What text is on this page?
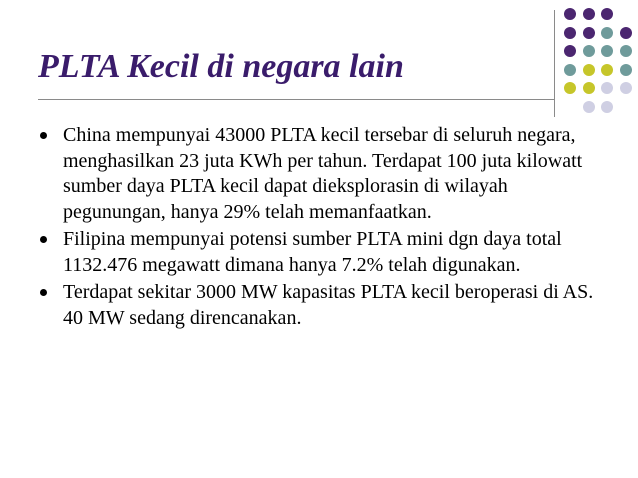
PLTA Kecil di negara lain
China mempunyai 43000 PLTA kecil tersebar di seluruh negara, menghasilkan 23 juta KWh per tahun. Terdapat 100 juta kilowatt sumber daya PLTA kecil dapat dieksplorasin di wilayah pegunungan, hanya 29% telah memanfaatkan.
Filipina mempunyai potensi sumber PLTA mini dgn daya total 1132.476 megawatt dimana hanya 7.2% telah digunakan.
Terdapat sekitar 3000 MW kapasitas PLTA kecil beroperasi di AS. 40 MW sedang direncanakan.
